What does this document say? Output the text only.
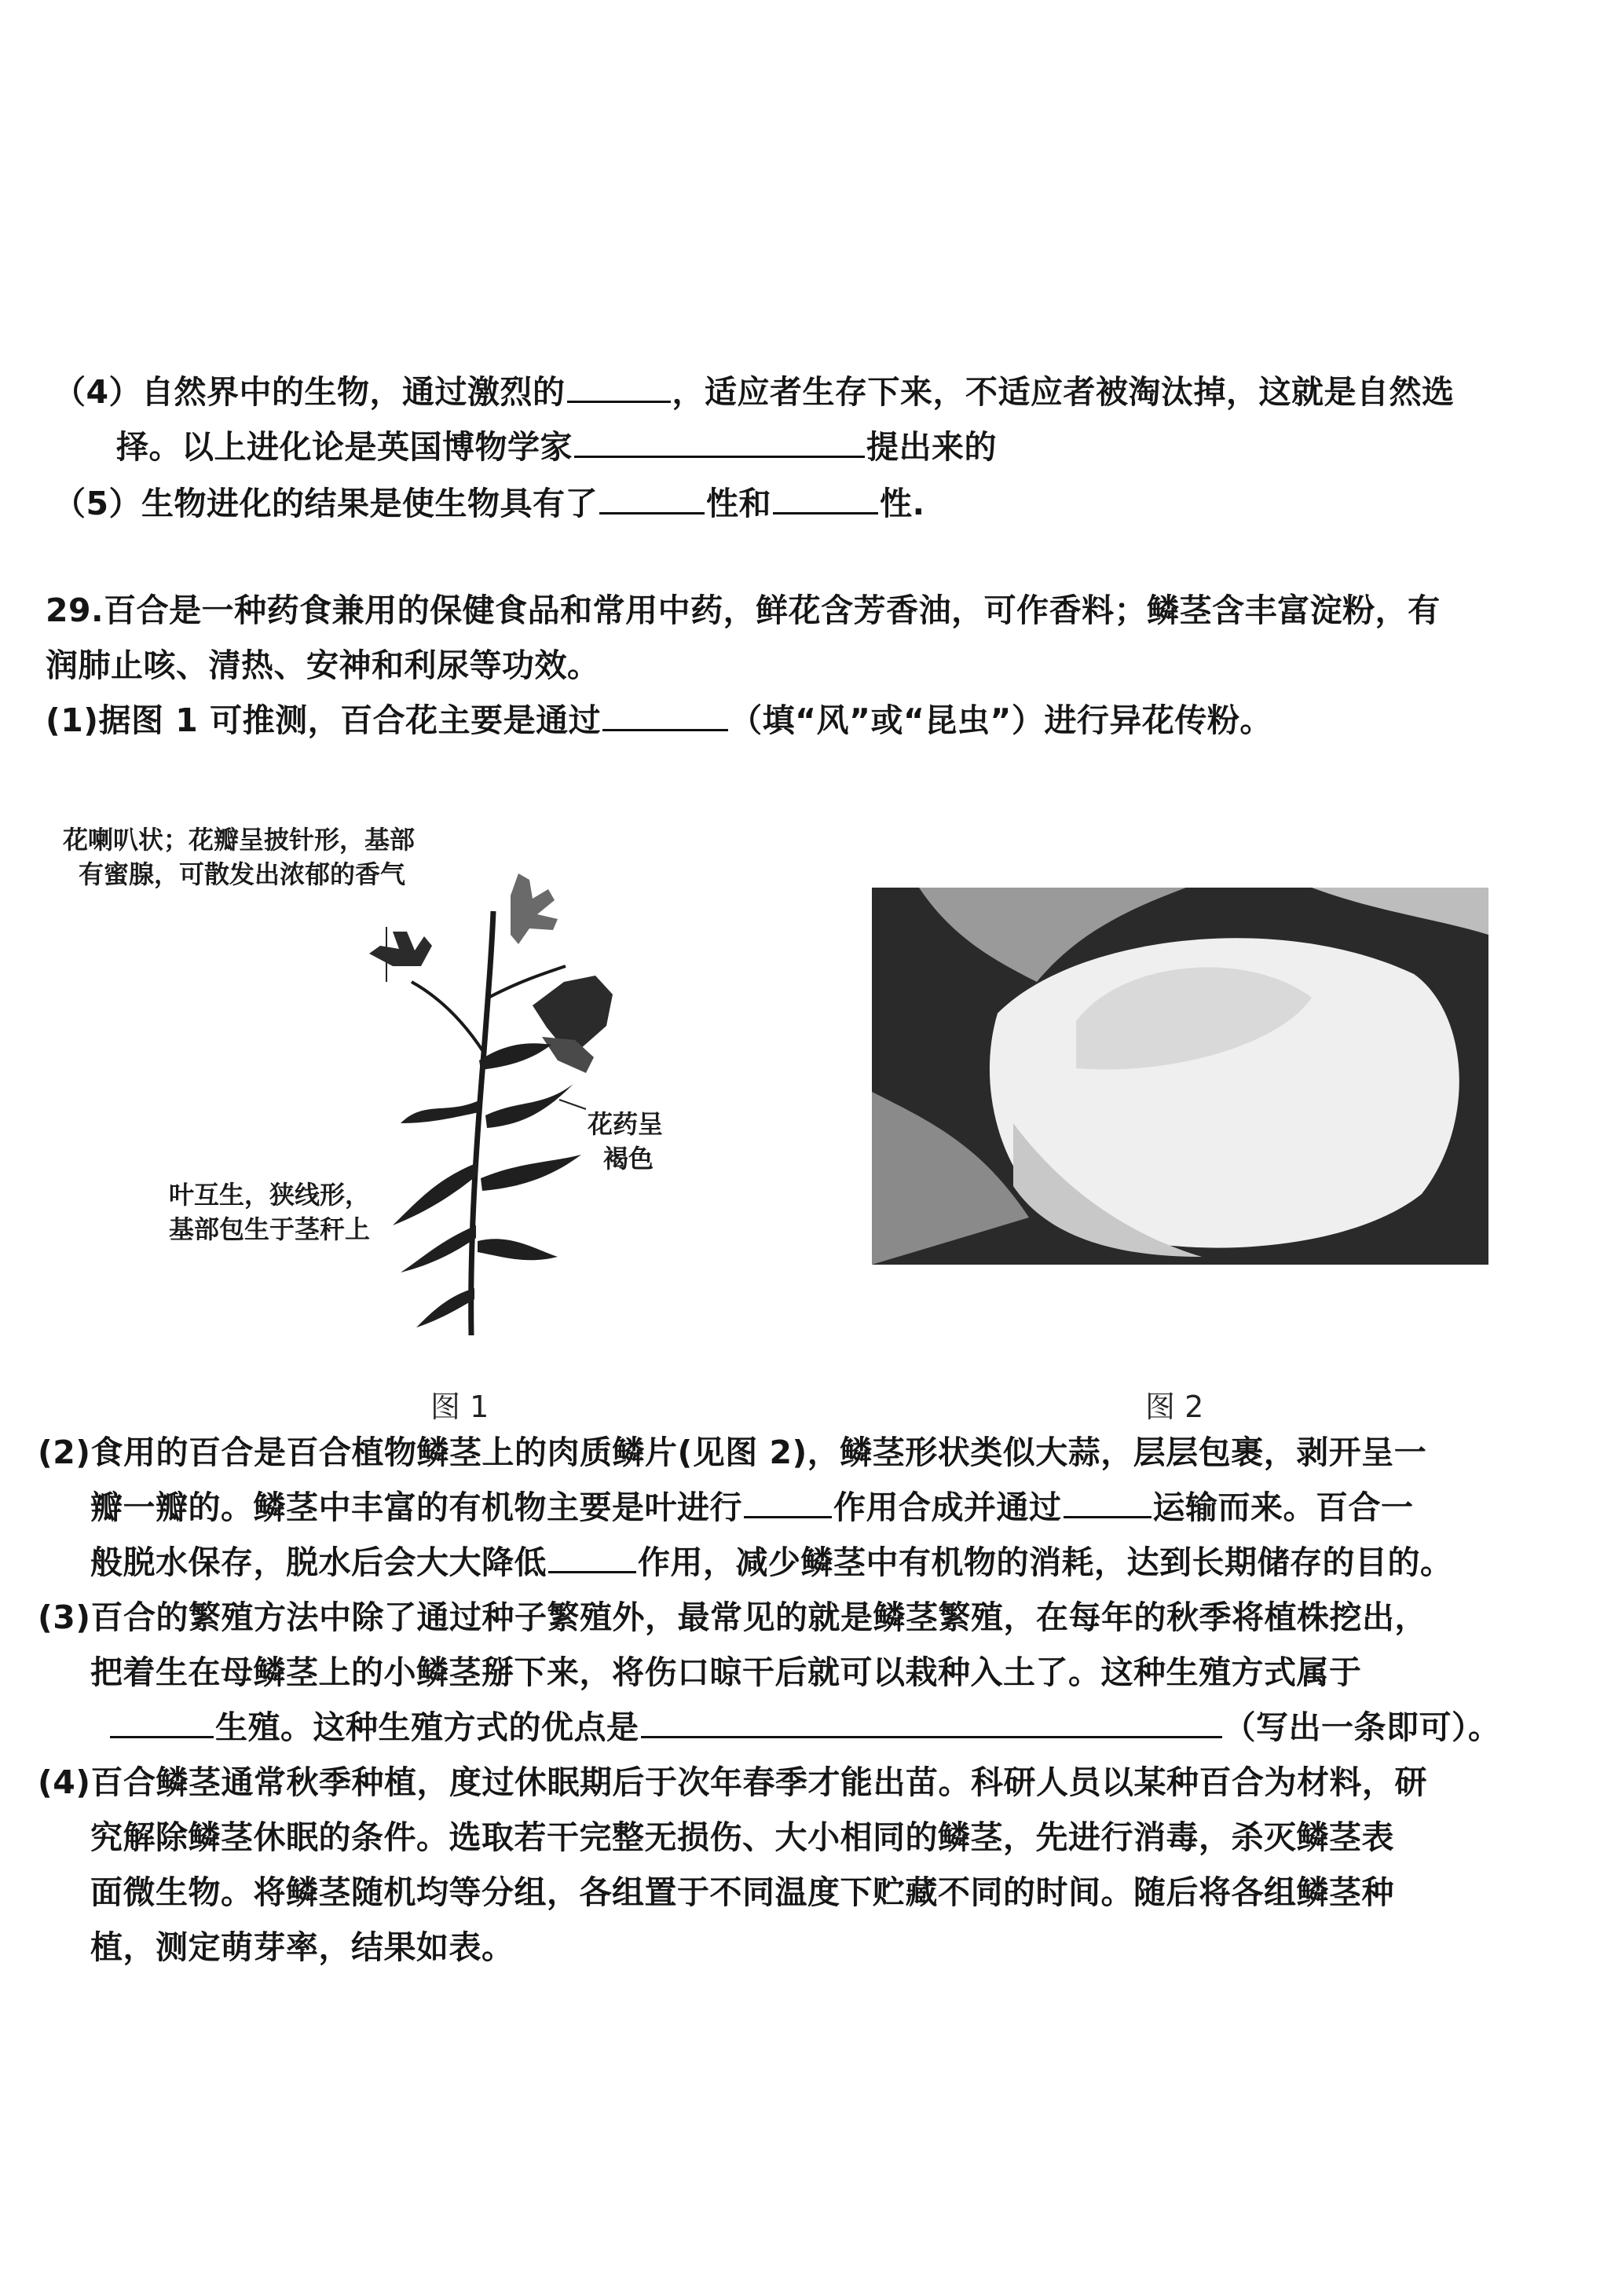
（4）自然界中的生物，通过激烈的	，适应者生存下来，不适应者被淘汰掉，这就是自然选
择。以上进化论是英国博物学家	提出来的
（5）生物进化的结果是使生物具有了	性和	性.
29.百合是一种药食兼用的保健食品和常用中药，鲜花含芳香油，可作香料；鳞茎含丰富淀粉，有
润肺止咳、清热、安神和利尿等功效。
(1)据图 1 可推测，百合花主要是通过	（填“风”或“昆虫”）进行异花传粉。
花喇叭状；花瓣呈披针形，基部
有蜜腺，可散发出浓郁的香气
花药呈
褐色
叶互生，狭线形，
基部包生于茎秆上
图 1	图 2
(2)食用的百合是百合植物鳞茎上的肉质鳞片(见图 2)，鳞茎形状类似大蒜，层层包裹，剥开呈一
瓣一瓣的。鳞茎中丰富的有机物主要是叶进行	作用合成并通过	运输而来。百合一
般脱水保存，脱水后会大大降低	作用，减少鳞茎中有机物的消耗，达到长期储存的目的。
(3)百合的繁殖方法中除了通过种子繁殖外，最常见的就是鳞茎繁殖，在每年的秋季将植株挖出，
把着生在母鳞茎上的小鳞茎掰下来，将伤口晾干后就可以栽种入土了。这种生殖方式属于
生殖。这种生殖方式的优点是	（写出一条即可）。
(4)百合鳞茎通常秋季种植，度过休眠期后于次年春季才能出苗。科研人员以某种百合为材料，研
究解除鳞茎休眠的条件。选取若干完整无损伤、大小相同的鳞茎，先进行消毒，杀灭鳞茎表
面微生物。将鳞茎随机均等分组，各组置于不同温度下贮藏不同的时间。随后将各组鳞茎种
植，测定萌芽率，结果如表。
